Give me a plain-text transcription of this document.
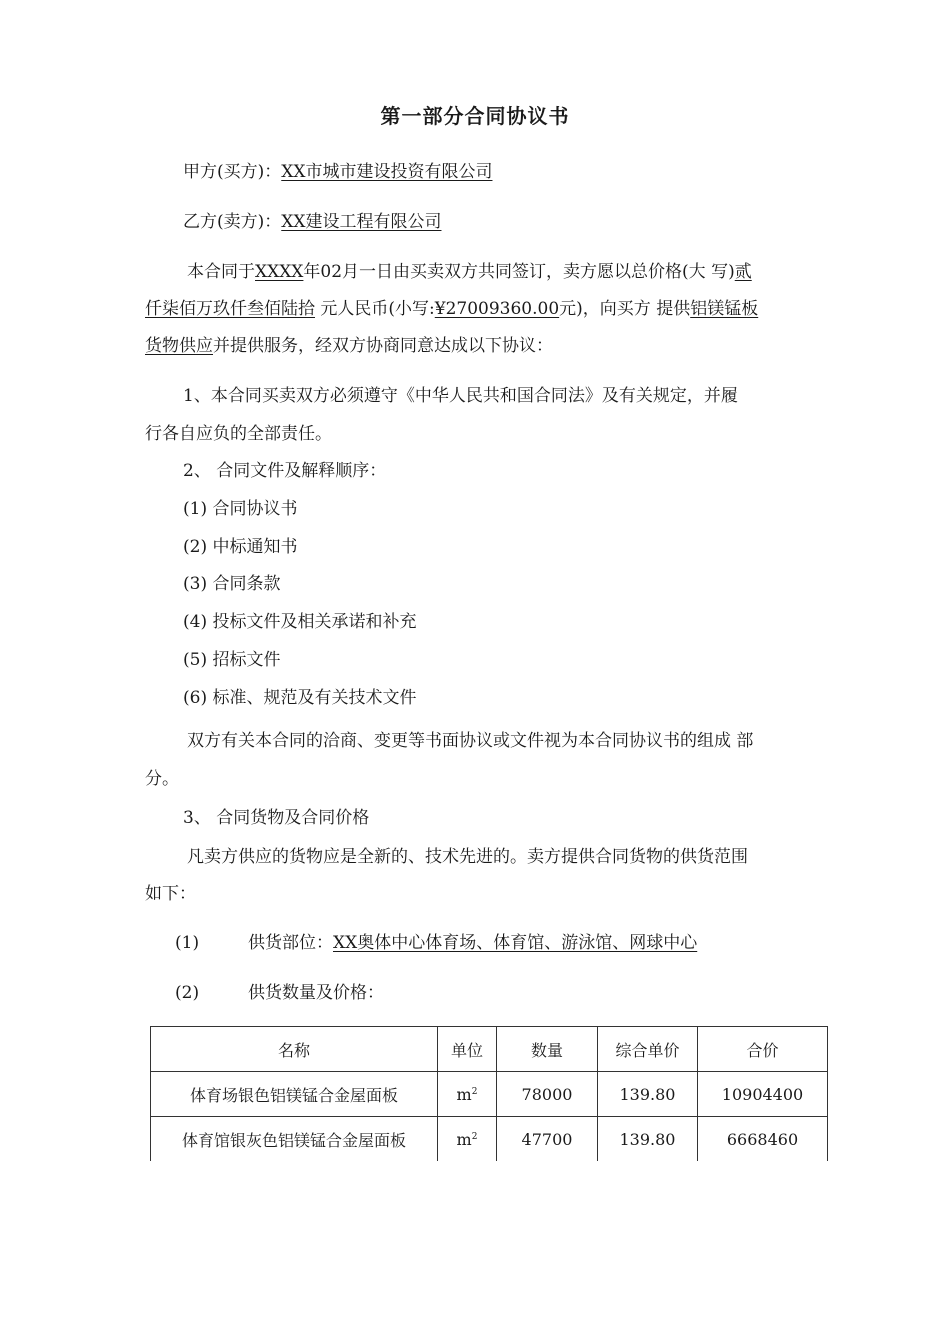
第一部分合同协议书
甲方(买方)：XX市城市建设投资有限公司
乙方(卖方)：XX建设工程有限公司
本合同于XXXX年02月一日由买卖双方共同签订，卖方愿以总价格(大 写)贰
仟柒佰万玖仟叁佰陆拾 元人民币(小写:¥27009360.00元)，向买方 提供铝镁锰板
货物供应并提供服务，经双方协商同意达成以下协议：
1、本合同买卖双方必须遵守《中华人民共和国合同法》及有关规定，并履
行各自应负的全部责任。
2、 合同文件及解释顺序：
(1) 合同协议书
(2) 中标通知书
(3) 合同条款
(4) 投标文件及相关承诺和补充
(5) 招标文件
(6) 标准、规范及有关技术文件
双方有关本合同的洽商、变更等书面协议或文件视为本合同协议书的组成 部
分。
3、 合同货物及合同价格
凡卖方供应的货物应是全新的、技术先进的。卖方提供合同货物的供货范围
如下：
(1)	供货部位：XX奥体中心体育场、体育馆、游泳馆、网球中心
(2)	供货数量及价格：
名称	单位	数量	综合单价	合价
体育场银色铝镁锰合金屋面板	$m^2$	78000	139.80	10904400
体育馆银灰色铝镁锰合金屋面板	$m^2$	47700	139.80	6668460
